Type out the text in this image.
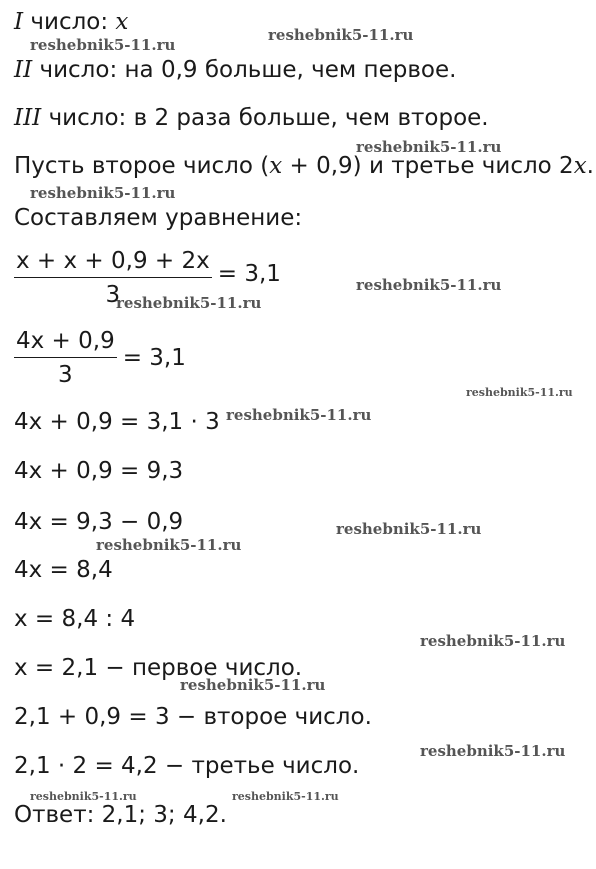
I число: x
II число: на 0,9 больше, чем первое.
III число: в 2 раза больше, чем второе.
Пусть второе число (x + 0,9) и третье число 2x.
Составляем уравнение:
$\frac{x + x + 0,9 + 2x}{3} = 3,1$
$\frac{4x + 0,9}{3} = 3,1$
4x + 0,9 = 3,1 · 3
4x + 0,9 = 9,3
4x = 9,3 − 0,9
4x = 8,4
x = 8,4 : 4
x = 2,1 − первое число.
2,1 + 0,9 = 3 − второе число.
2,1 · 2 = 4,2 − третье число.
Ответ: 2,1; 3; 4,2.
reshebnik5-11.ru
reshebnik5-11.ru
reshebnik5-11.ru
reshebnik5-11.ru
reshebnik5-11.ru
reshebnik5-11.ru
reshebnik5-11.ru
reshebnik5-11.ru
reshebnik5-11.ru
reshebnik5-11.ru
reshebnik5-11.ru
reshebnik5-11.ru
reshebnik5-11.ru
reshebnik5-11.ru	reshebnik5-11.ru
